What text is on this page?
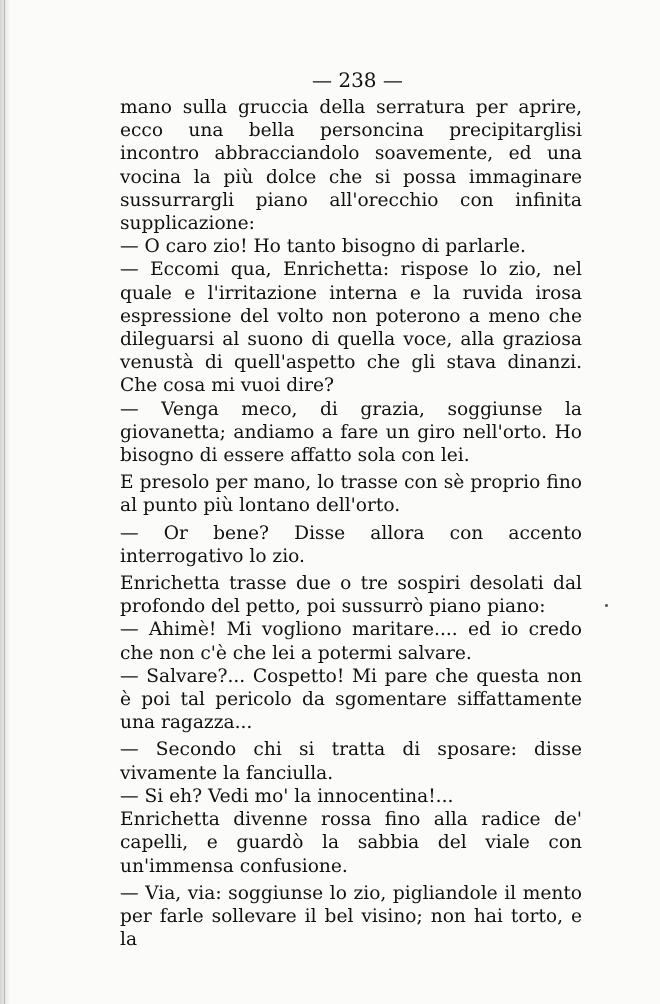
— 238 —

mano sulla gruccia della serratura per aprire, ecco una bella personcina precipitarglisi incontro abbracciandolo soavemente, ed una vocina la più dolce che si possa immaginare sussurrargli piano all'orecchio con infinita supplicazione:

— O caro zio! Ho tanto bisogno di parlarle.

— Eccomi qua, Enrichetta: rispose lo zio, nel quale e l'irritazione interna e la ruvida irosa espressione del volto non poterono a meno che dileguarsi al suono di quella voce, alla graziosa venustà di quell'aspetto che gli stava dinanzi. Che cosa mi vuoi dire?

— Venga meco, di grazia, soggiunse la giovanetta; andiamo a fare un giro nell'orto. Ho bisogno di essere affatto sola con lei.

E presolo per mano, lo trasse con sè proprio fino al punto più lontano dell'orto.

— Or bene? Disse allora con accento interrogativo lo zio.

Enrichetta trasse due o tre sospiri desolati dal profondo del petto, poi sussurrò piano piano:

— Ahimè! Mi vogliono maritare.... ed io credo che non c'è che lei a potermi salvare.

— Salvare?... Cospetto! Mi pare che questa non è poi tal pericolo da sgomentare siffattamente una ragazza...

— Secondo chi si tratta di sposare: disse vivamente la fanciulla.

— Si eh? Vedi mo' la innocentina!...

Enrichetta divenne rossa fino alla radice de' capelli, e guardò la sabbia del viale con un'immensa confusione.

— Via, via: soggiunse lo zio, pigliandole il mento per farle sollevare il bel visino; non hai torto, e la
